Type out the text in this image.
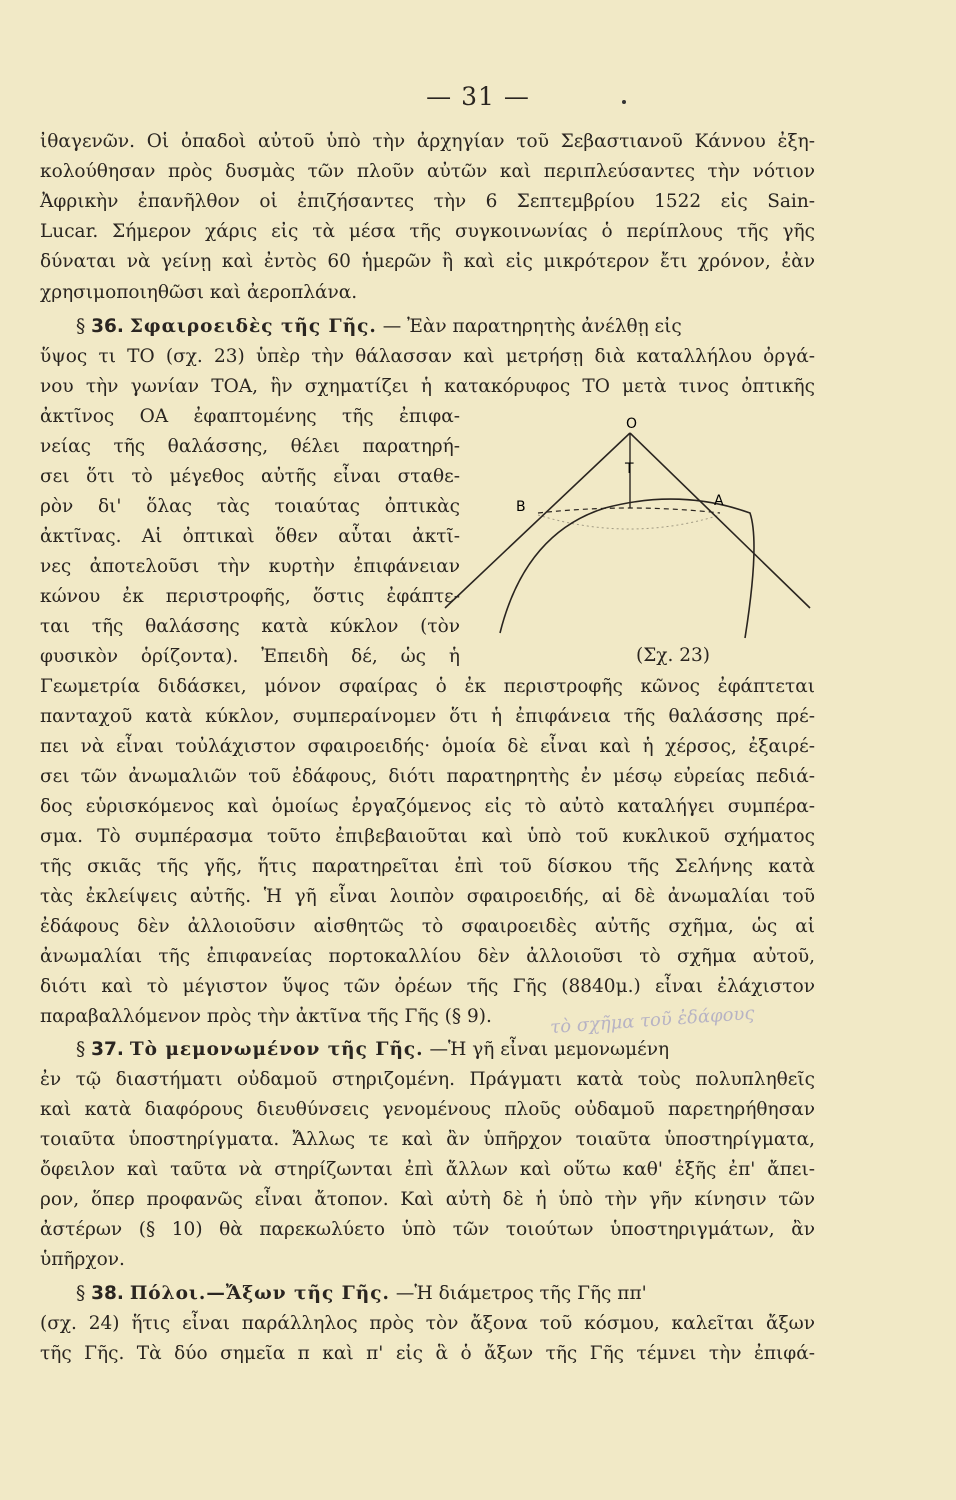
— 31 —
ἰθαγενῶν. Οἱ ὀπαδοὶ αὐτοῦ ὑπὸ τὴν ἀρχηγίαν τοῦ Σεβαστιανοῦ Κάννου ἐξη-
κολούθησαν πρὸς δυσμὰς τῶν πλοῦν αὐτῶν καὶ περιπλεύσαντες τὴν νότιον
Ἀφρικὴν ἐπανῆλθον οἱ ἐπιζήσαντες τὴν 6 Σεπτεμβρίου 1522 εἰς Sain-
Lucar. Σήμερον χάρις εἰς τὰ μέσα τῆς συγκοινωνίας ὁ περίπλους τῆς γῆς
δύναται νὰ γείνῃ καὶ ἐντὸς 60 ἡμερῶν ἢ καὶ εἰς μικρότερον ἔτι χρόνον, ἐὰν
χρησιμοποιηθῶσι καὶ ἀεροπλάνα.
§ 36. Σφαιροειδὲς τῆς Γῆς. — Ἐὰν παρατηρητὴς ἀνέλθῃ εἰς
ὕψος τι ΤΟ (σχ. 23) ὑπὲρ τὴν θάλασσαν καὶ μετρήσῃ διὰ καταλλήλου ὀργά-
νου τὴν γωνίαν ΤΟΑ, ἣν σχηματίζει ἡ κατακόρυφος ΤΟ μετὰ τινος ὀπτικῆς
ἀκτῖνος ΟΑ ἐφαπτομένης τῆς ἐπιφα-
νείας τῆς θαλάσσης, θέλει παρατηρή-
σει ὅτι τὸ μέγεθος αὐτῆς εἶναι σταθε-
ρὸν δι' ὅλας τὰς τοιαύτας ὀπτικὰς
ἀκτῖνας. Αἱ ὀπτικαὶ ὅθεν αὗται ἀκτῖ-
νες ἀποτελοῦσι τὴν κυρτὴν ἐπιφάνειαν
κώνου ἐκ περιστροφῆς, ὅστις ἐφάπτε-
ται τῆς θαλάσσης κατὰ κύκλον (τὸν
φυσικὸν ὁρίζοντα). Ἐπειδὴ δέ, ὡς ἡ
Ο
Τ
Β	Α
(Σχ. 23)
Γεωμετρία διδάσκει, μόνον σφαίρας ὁ ἐκ περιστροφῆς κῶνος ἐφάπτεται
πανταχοῦ κατὰ κύκλον, συμπεραίνομεν ὅτι ἡ ἐπιφάνεια τῆς θαλάσσης πρέ-
πει νὰ εἶναι τοὐλάχιστον σφαιροειδής· ὁμοία δὲ εἶναι καὶ ἡ χέρσος, ἐξαιρέ-
σει τῶν ἀνωμαλιῶν τοῦ ἐδάφους, διότι παρατηρητὴς ἐν μέσῳ εὐρείας πεδιά-
δος εὑρισκόμενος καὶ ὁμοίως ἐργαζόμενος εἰς τὸ αὐτὸ καταλήγει συμπέρα-
σμα. Τὸ συμπέρασμα τοῦτο ἐπιβεβαιοῦται καὶ ὑπὸ τοῦ κυκλικοῦ σχήματος
τῆς σκιᾶς τῆς γῆς, ἥτις παρατηρεῖται ἐπὶ τοῦ δίσκου τῆς Σελήνης κατὰ
τὰς ἐκλείψεις αὐτῆς. Ἡ γῆ εἶναι λοιπὸν σφαιροειδής, αἱ δὲ ἀνωμαλίαι τοῦ
ἐδάφους δὲν ἀλλοιοῦσιν αἰσθητῶς τὸ σφαιροειδὲς αὐτῆς σχῆμα, ὡς αἱ
ἀνωμαλίαι τῆς ἐπιφανείας πορτοκαλλίου δὲν ἀλλοιοῦσι τὸ σχῆμα αὐτοῦ,
διότι καὶ τὸ μέγιστον ὕψος τῶν ὀρέων τῆς Γῆς (8840μ.) εἶναι ἐλάχιστον
παραβαλλόμενον πρὸς τὴν ἀκτῖνα τῆς Γῆς (§ 9).	τὸ σχῆμα τοῦ ἐδάφους
§ 37. Τὸ μεμονωμένον τῆς Γῆς. —Ἡ γῆ εἶναι μεμονωμένη
ἐν τῷ διαστήματι οὐδαμοῦ στηριζομένη. Πράγματι κατὰ τοὺς πολυπληθεῖς
καὶ κατὰ διαφόρους διευθύνσεις γενομένους πλοῦς οὐδαμοῦ παρετηρήθησαν
τοιαῦτα ὑποστηρίγματα. Ἄλλως τε καὶ ἂν ὑπῆρχον τοιαῦτα ὑποστηρίγματα,
ὄφειλον καὶ ταῦτα νὰ στηρίζωνται ἐπὶ ἄλλων καὶ οὕτω καθ' ἑξῆς ἐπ' ἄπει-
ρον, ὅπερ προφανῶς εἶναι ἄτοπον. Καὶ αὐτὴ δὲ ἡ ὑπὸ τὴν γῆν κίνησιν τῶν
ἀστέρων (§ 10) θὰ παρεκωλύετο ὑπὸ τῶν τοιούτων ὑποστηριγμάτων, ἂν
ὑπῆρχον.
§ 38. Πόλοι.—Ἄξων τῆς Γῆς. —Ἡ διάμετρος τῆς Γῆς ππ'
(σχ. 24) ἥτις εἶναι παράλληλος πρὸς τὸν ἄξονα τοῦ κόσμου, καλεῖται ἄξων
τῆς Γῆς. Τὰ δύο σημεῖα π καὶ π' εἰς ἃ ὁ ἄξων τῆς Γῆς τέμνει τὴν ἐπιφά-
